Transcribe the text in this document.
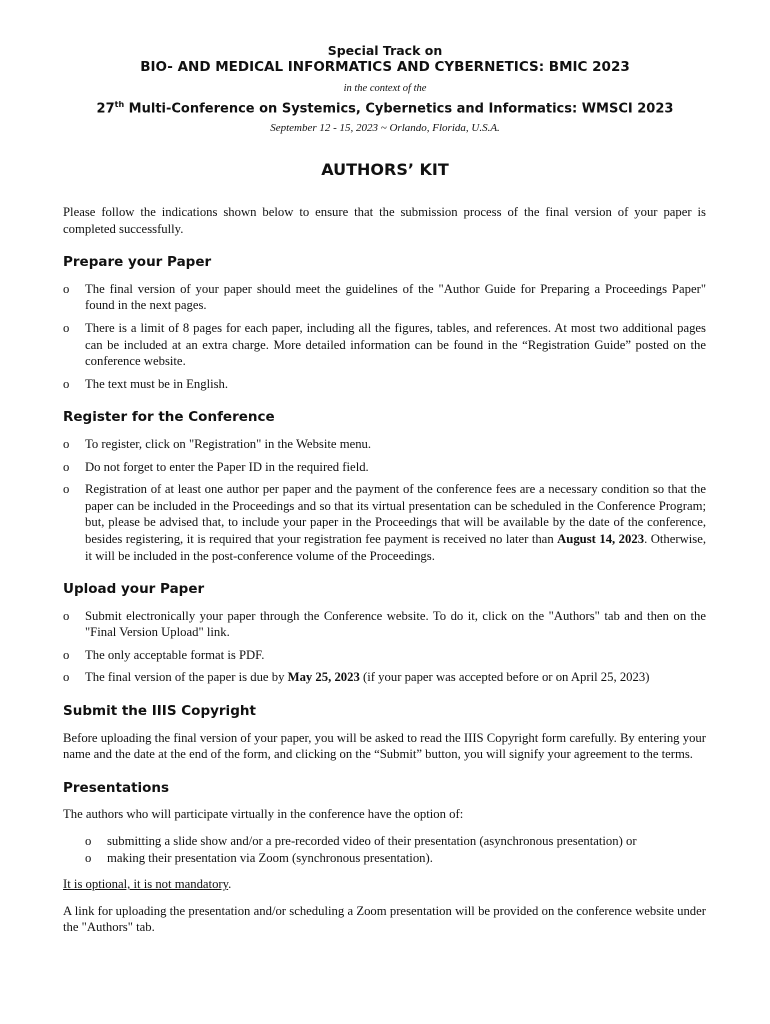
Special Track on
BIO- AND MEDICAL INFORMATICS AND CYBERNETICS: BMIC 2023
in the context of the
27th Multi-Conference on Systemics, Cybernetics and Informatics: WMSCI 2023
September 12 - 15, 2023 ~ Orlando, Florida, U.S.A.
AUTHORS’ KIT

Please follow the indications shown below to ensure that the submission process of the final version of your paper is completed successfully.

Prepare your Paper
o The final version of your paper should meet the guidelines of the "Author Guide for Preparing a Proceedings Paper" found in the next pages.
o There is a limit of 8 pages for each paper, including all the figures, tables, and references. At most two additional pages can be included at an extra charge. More detailed information can be found in the “Registration Guide” posted on the conference website.
o The text must be in English.
Register for the Conference
o To register, click on "Registration" in the Website menu.
o Do not forget to enter the Paper ID in the required field.
o Registration of at least one author per paper and the payment of the conference fees are a necessary condition so that the paper can be included in the Proceedings and so that its virtual presentation can be scheduled in the Conference Program; but, please be advised that, to include your paper in the Proceedings that will be available by the date of the conference, besides registering, it is required that your registration fee payment is received no later than August 14, 2023. Otherwise, it will be included in the post-conference volume of the Proceedings.
Upload your Paper
o Submit electronically your paper through the Conference website. To do it, click on the "Authors" tab and then on the "Final Version Upload" link.
o The only acceptable format is PDF.
o The final version of the paper is due by May 25, 2023 (if your paper was accepted before or on April 25, 2023)
Submit the IIIS Copyright

Before uploading the final version of your paper, you will be asked to read the IIIS Copyright form carefully. By entering your name and the date at the end of the form, and clicking on the “Submit” button, you will signify your agreement to the terms.

Presentations

The authors who will participate virtually in the conference have the option of:

o submitting a slide show and/or a pre-recorded video of their presentation (asynchronous presentation) or
o making their presentation via Zoom (synchronous presentation).

It is optional, it is not mandatory.

A link for uploading the presentation and/or scheduling a Zoom presentation will be provided on the conference website under the "Authors" tab.
